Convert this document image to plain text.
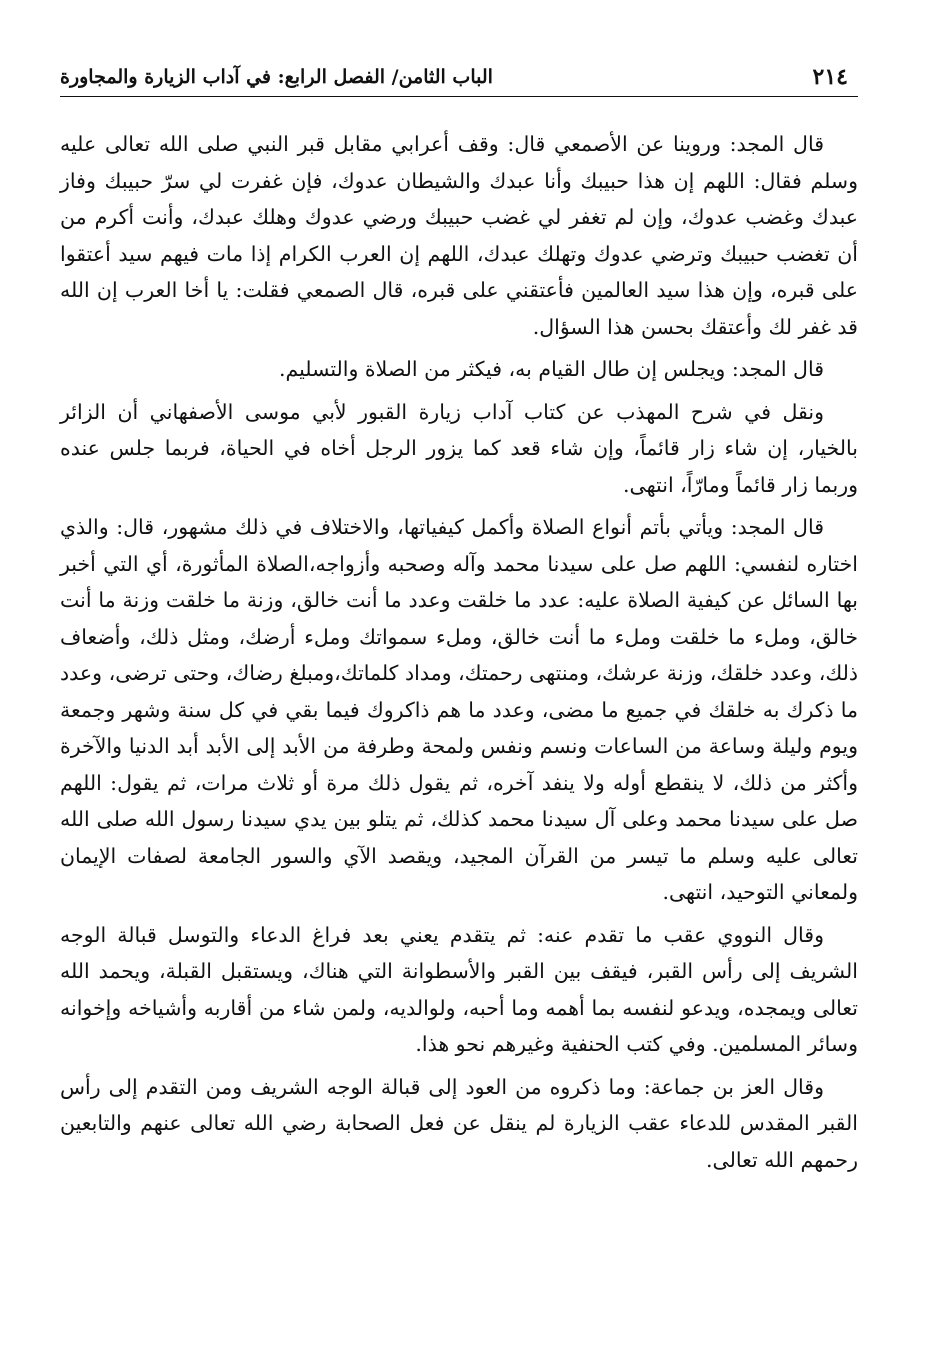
٢١٤
الباب الثامن/ الفصل الرابع: في آداب الزيارة والمجاورة

قال المجد: وروينا عن الأصمعي قال: وقف أعرابي مقابل قبر النبي صلى الله تعالى عليه وسلم فقال: اللهم إن هذا حبيبك وأنا عبدك والشيطان عدوك، فإن غفرت لي سرّ حبيبك وفاز عبدك وغضب عدوك، وإن لم تغفر لي غضب حبيبك ورضي عدوك وهلك عبدك، وأنت أكرم من أن تغضب حبيبك وترضي عدوك وتهلك عبدك، اللهم إن العرب الكرام إذا مات فيهم سيد أعتقوا على قبره، وإن هذا سيد العالمين فأعتقني على قبره، قال الصمعي فقلت: يا أخا العرب إن الله قد غفر لك وأعتقك بحسن هذا السؤال.

قال المجد: ويجلس إن طال القيام به، فيكثر من الصلاة والتسليم.

ونقل في شرح المهذب عن كتاب آداب زيارة القبور لأبي موسى الأصفهاني أن الزائر بالخيار، إن شاء زار قائماً، وإن شاء قعد كما يزور الرجل أخاه في الحياة، فربما جلس عنده وربما زار قائماً ومارّاً، انتهى.

قال المجد: ويأتي بأتم أنواع الصلاة وأكمل كيفياتها، والاختلاف في ذلك مشهور، قال: والذي اختاره لنفسي: اللهم صل على سيدنا محمد وآله وصحبه وأزواجه،الصلاة المأثورة، أي التي أخبر بها السائل عن كيفية الصلاة عليه: عدد ما خلقت وعدد ما أنت خالق، وزنة ما خلقت وزنة ما أنت خالق، وملء ما خلقت وملء ما أنت خالق، وملء سمواتك وملء أرضك، ومثل ذلك، وأضعاف ذلك، وعدد خلقك، وزنة عرشك، ومنتهى رحمتك، ومداد كلماتك،ومبلغ رضاك، وحتى ترضى، وعدد ما ذكرك به خلقك في جميع ما مضى، وعدد ما هم ذاكروك فيما بقي في كل سنة وشهر وجمعة ويوم وليلة وساعة من الساعات ونسم ونفس ولمحة وطرفة من الأبد إلى الأبد أبد الدنيا والآخرة وأكثر من ذلك، لا ينقطع أوله ولا ينفد آخره، ثم يقول ذلك مرة أو ثلاث مرات، ثم يقول: اللهم صل على سيدنا محمد وعلى آل سيدنا محمد كذلك، ثم يتلو بين يدي سيدنا رسول الله صلى الله تعالى عليه وسلم ما تيسر من القرآن المجيد، ويقصد الآي والسور الجامعة لصفات الإيمان ولمعاني التوحيد، انتهى.

وقال النووي عقب ما تقدم عنه: ثم يتقدم يعني بعد فراغ الدعاء والتوسل قبالة الوجه الشريف إلى رأس القبر، فيقف بين القبر والأسطوانة التي هناك، ويستقبل القبلة، ويحمد الله تعالى ويمجده، ويدعو لنفسه بما أهمه وما أحبه، ولوالديه، ولمن شاء من أقاربه وأشياخه وإخوانه وسائر المسلمين. وفي كتب الحنفية وغيرهم نحو هذا.

وقال العز بن جماعة: وما ذكروه من العود إلى قبالة الوجه الشريف ومن التقدم إلى رأس القبر المقدس للدعاء عقب الزيارة لم ينقل عن فعل الصحابة رضي الله تعالى عنهم والتابعين رحمهم الله تعالى.
